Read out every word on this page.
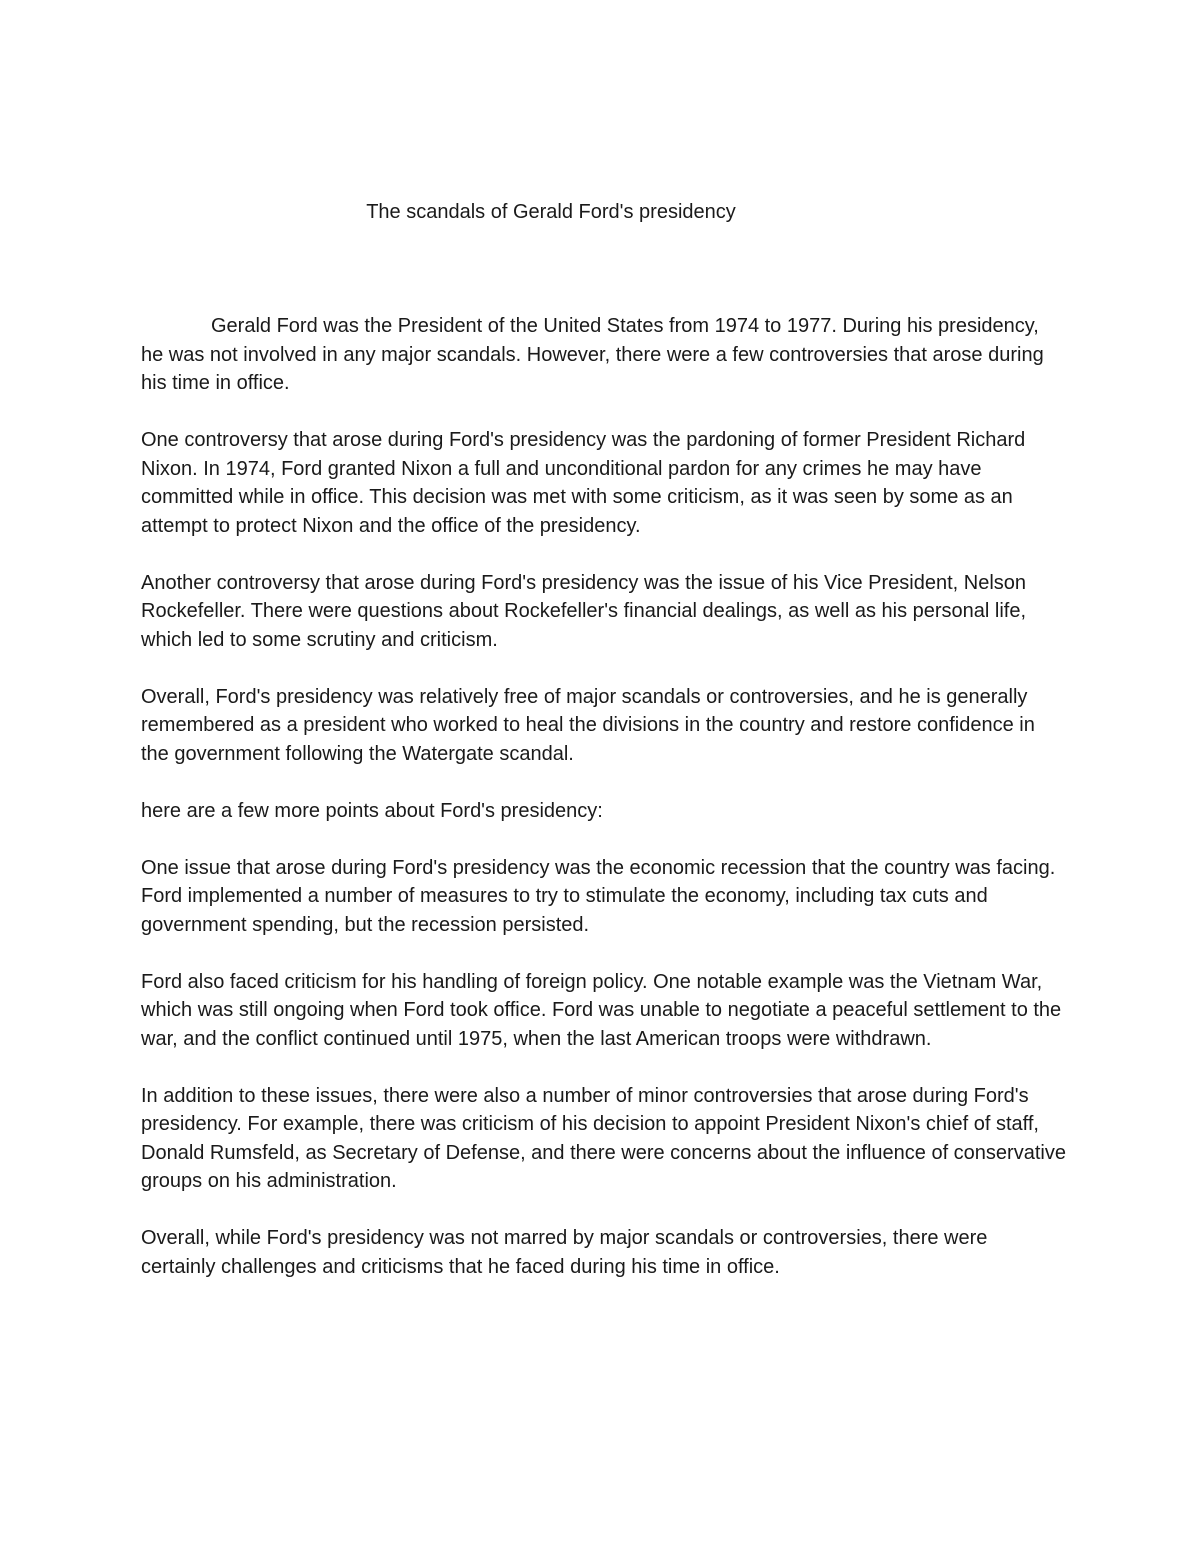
The scandals of Gerald Ford's presidency

Gerald Ford was the President of the United States from 1974 to 1977. During his presidency, he was not involved in any major scandals. However, there were a few controversies that arose during his time in office.

One controversy that arose during Ford's presidency was the pardoning of former President Richard Nixon. In 1974, Ford granted Nixon a full and unconditional pardon for any crimes he may have committed while in office. This decision was met with some criticism, as it was seen by some as an attempt to protect Nixon and the office of the presidency.

Another controversy that arose during Ford's presidency was the issue of his Vice President, Nelson Rockefeller. There were questions about Rockefeller's financial dealings, as well as his personal life, which led to some scrutiny and criticism.

Overall, Ford's presidency was relatively free of major scandals or controversies, and he is generally remembered as a president who worked to heal the divisions in the country and restore confidence in the government following the Watergate scandal.

here are a few more points about Ford's presidency:

One issue that arose during Ford's presidency was the economic recession that the country was facing. Ford implemented a number of measures to try to stimulate the economy, including tax cuts and government spending, but the recession persisted.

Ford also faced criticism for his handling of foreign policy. One notable example was the Vietnam War, which was still ongoing when Ford took office. Ford was unable to negotiate a peaceful settlement to the war, and the conflict continued until 1975, when the last American troops were withdrawn.

In addition to these issues, there were also a number of minor controversies that arose during Ford's presidency. For example, there was criticism of his decision to appoint President Nixon's chief of staff, Donald Rumsfeld, as Secretary of Defense, and there were concerns about the influence of conservative groups on his administration.

Overall, while Ford's presidency was not marred by major scandals or controversies, there were certainly challenges and criticisms that he faced during his time in office.
